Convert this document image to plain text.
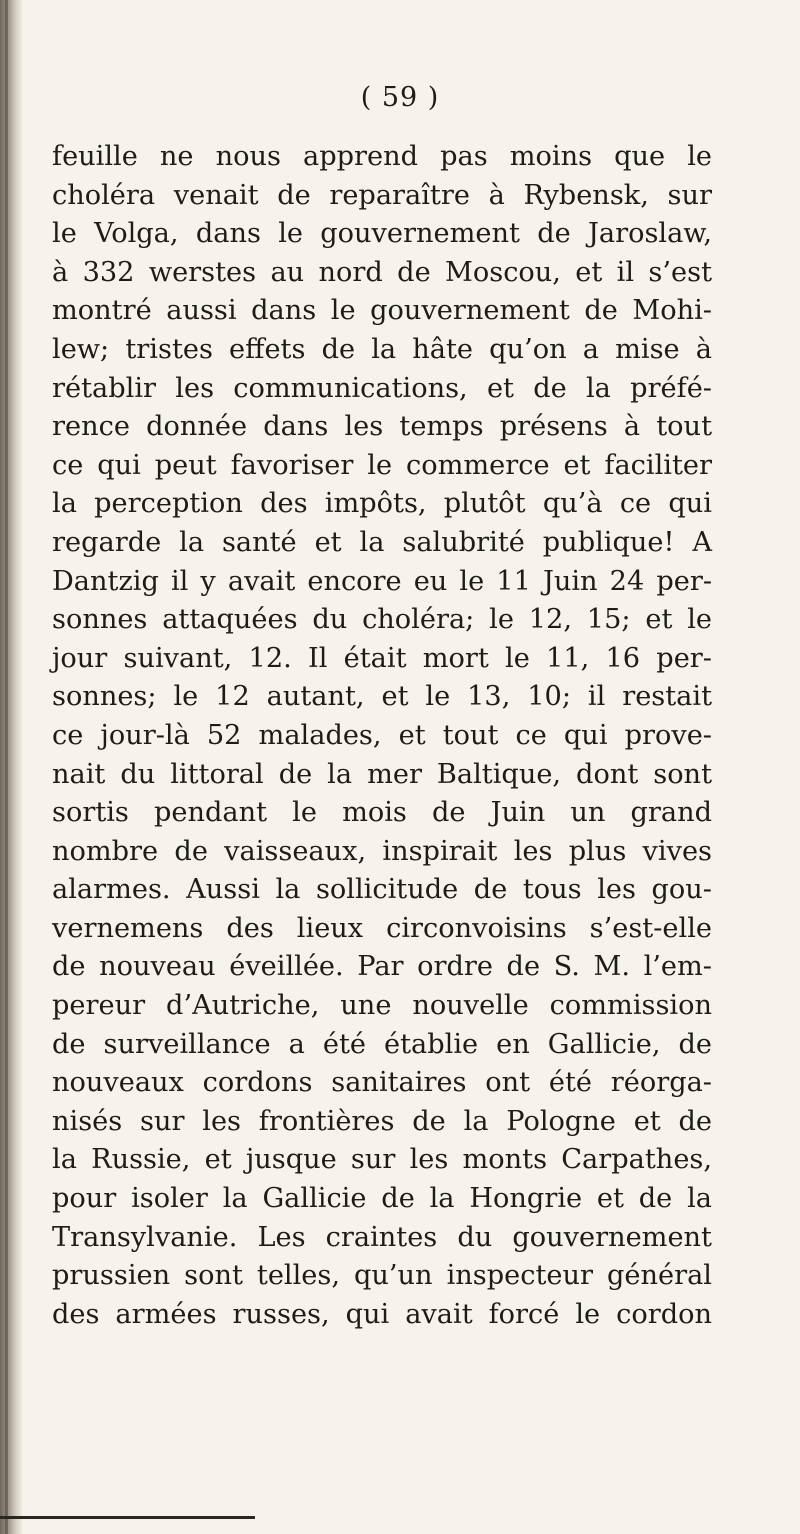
( 59 )
feuille ne nous apprend pas moins que le
choléra venait de reparaître à Rybensk, sur
le Volga, dans le gouvernement de Jaroslaw,
à 332 werstes au nord de Moscou, et il s’est
montré aussi dans le gouvernement de Mohi-
lew; tristes effets de la hâte qu’on a mise à
rétablir les communications, et de la préfé-
rence donnée dans les temps présens à tout
ce qui peut favoriser le commerce et faciliter
la perception des impôts, plutôt qu’à ce qui
regarde la santé et la salubrité publique! A
Dantzig il y avait encore eu le 11 Juin 24 per-
sonnes attaquées du choléra; le 12, 15; et le
jour suivant, 12. Il était mort le 11, 16 per-
sonnes; le 12 autant, et le 13, 10; il restait
ce jour-là 52 malades, et tout ce qui prove-
nait du littoral de la mer Baltique, dont sont
sortis pendant le mois de Juin un grand
nombre de vaisseaux, inspirait les plus vives
alarmes. Aussi la sollicitude de tous les gou-
vernemens des lieux circonvoisins s’est-elle
de nouveau éveillée. Par ordre de S. M. l’em-
pereur d’Autriche, une nouvelle commission
de surveillance a été établie en Gallicie, de
nouveaux cordons sanitaires ont été réorga-
nisés sur les frontières de la Pologne et de
la Russie, et jusque sur les monts Carpathes,
pour isoler la Gallicie de la Hongrie et de la
Transylvanie. Les craintes du gouvernement
prussien sont telles, qu’un inspecteur général
des armées russes, qui avait forcé le cordon
